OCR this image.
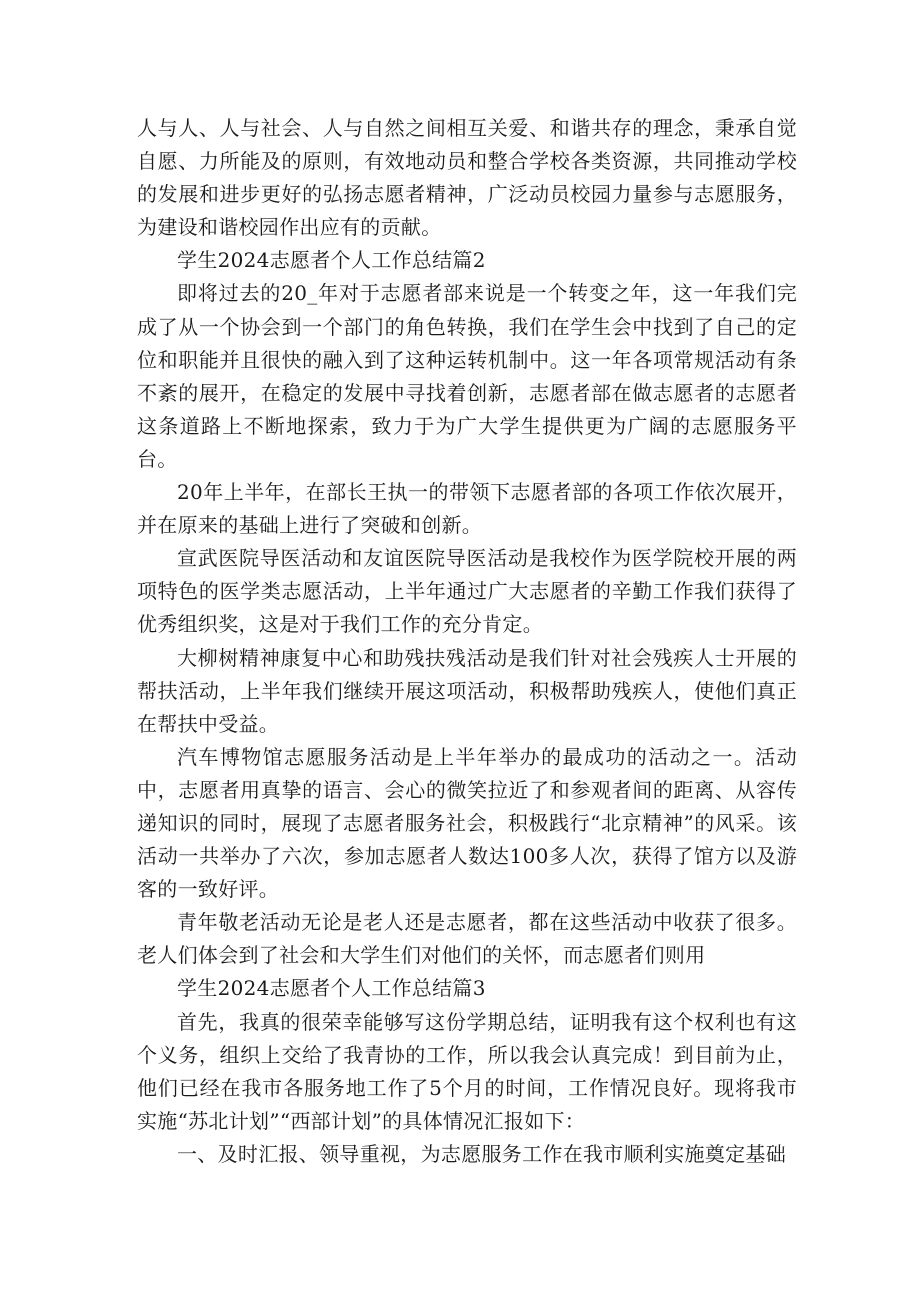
人与人、人与社会、人与自然之间相互关爱、和谐共存的理念，秉承自觉自愿、力所能及的原则，有效地动员和整合学校各类资源，共同推动学校的发展和进步更好的弘扬志愿者精神，广泛动员校园力量参与志愿服务，为建设和谐校园作出应有的贡献。

学生2024志愿者个人工作总结篇2

即将过去的20_年对于志愿者部来说是一个转变之年，这一年我们完成了从一个协会到一个部门的角色转换，我们在学生会中找到了自己的定位和职能并且很快的融入到了这种运转机制中。这一年各项常规活动有条不紊的展开，在稳定的发展中寻找着创新，志愿者部在做志愿者的志愿者这条道路上不断地探索，致力于为广大学生提供更为广阔的志愿服务平台。

20年上半年，在部长王执一的带领下志愿者部的各项工作依次展开，并在原来的基础上进行了突破和创新。

宣武医院导医活动和友谊医院导医活动是我校作为医学院校开展的两项特色的医学类志愿活动，上半年通过广大志愿者的辛勤工作我们获得了优秀组织奖，这是对于我们工作的充分肯定。

大柳树精神康复中心和助残扶残活动是我们针对社会残疾人士开展的帮扶活动，上半年我们继续开展这项活动，积极帮助残疾人，使他们真正在帮扶中受益。

汽车博物馆志愿服务活动是上半年举办的最成功的活动之一。活动中，志愿者用真挚的语言、会心的微笑拉近了和参观者间的距离、从容传递知识的同时，展现了志愿者服务社会，积极践行“北京精神”的风采。该活动一共举办了六次，参加志愿者人数达100多人次，获得了馆方以及游客的一致好评。

青年敬老活动无论是老人还是志愿者，都在这些活动中收获了很多。老人们体会到了社会和大学生们对他们的关怀，而志愿者们则用

学生2024志愿者个人工作总结篇3

首先，我真的很荣幸能够写这份学期总结，证明我有这个权利也有这个义务，组织上交给了我青协的工作，所以我会认真完成！到目前为止，他们已经在我市各服务地工作了5个月的时间，工作情况良好。现将我市实施“苏北计划”“西部计划”的具体情况汇报如下：

一、及时汇报、领导重视，为志愿服务工作在我市顺利实施奠定基础
